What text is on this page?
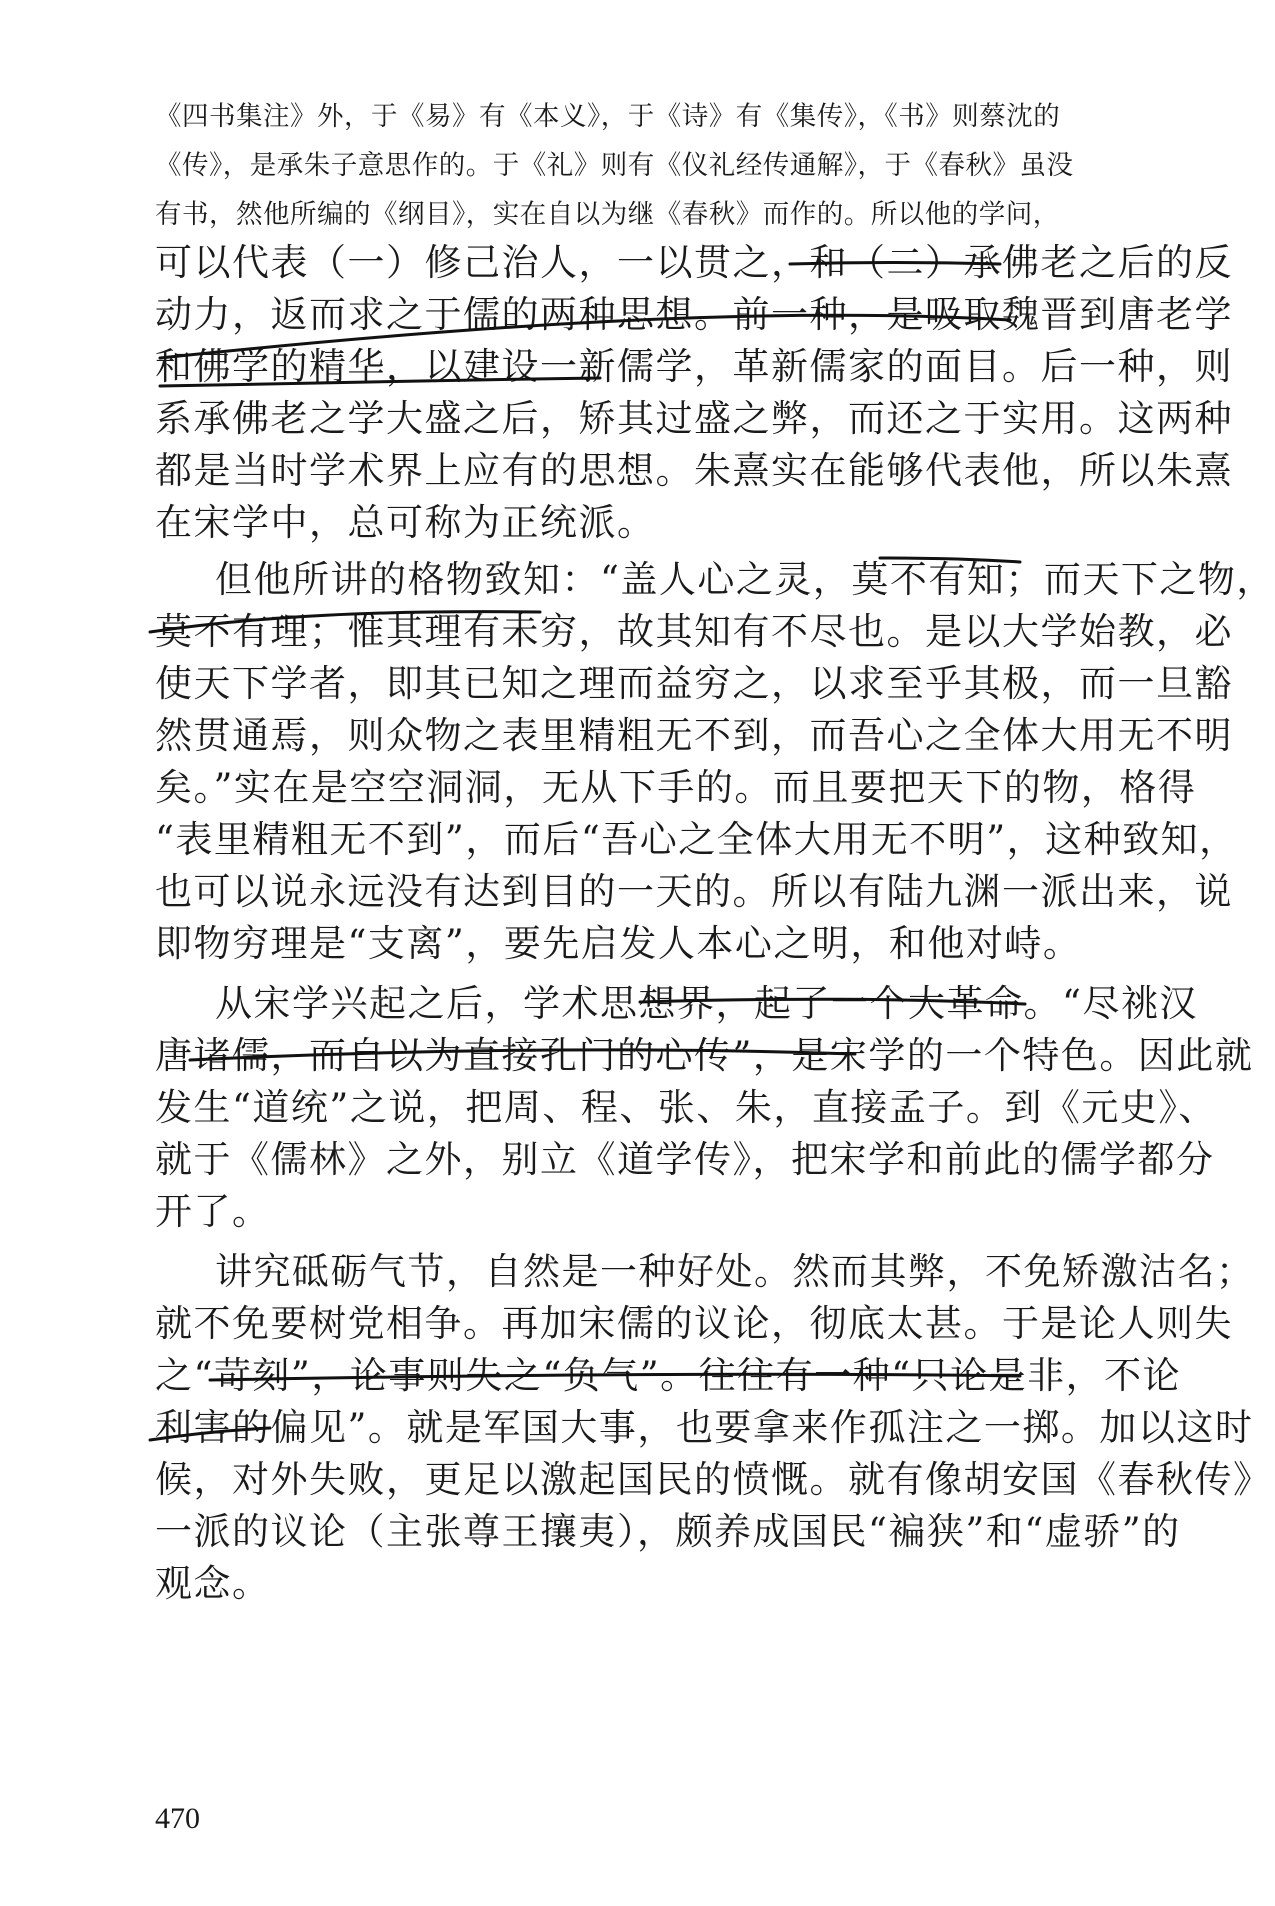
《四书集注》外，于《易》有《本义》，于《诗》有《集传》，《书》则蔡沈的
《传》，是承朱子意思作的。于《礼》则有《仪礼经传通解》，于《春秋》虽没
有书，然他所编的《纲目》，实在自以为继《春秋》而作的。所以他的学问，
可以代表（一）修己治人，一以贯之，和（二）承佛老之后的反
动力，返而求之于儒的两种思想。前一种，是吸取魏晋到唐老学
和佛学的精华，以建设一新儒学，革新儒家的面目。后一种，则
系承佛老之学大盛之后，矫其过盛之弊，而还之于实用。这两种
都是当时学术界上应有的思想。朱熹实在能够代表他，所以朱熹
在宋学中，总可称为正统派。
但他所讲的格物致知：“盖人心之灵，莫不有知；而天下之物，
莫不有理；惟其理有未穷，故其知有不尽也。是以大学始教，必
使天下学者，即其已知之理而益穷之，以求至乎其极，而一旦豁
然贯通焉，则众物之表里精粗无不到，而吾心之全体大用无不明
矣。”实在是空空洞洞，无从下手的。而且要把天下的物，格得
“表里精粗无不到”，而后“吾心之全体大用无不明”，这种致知，
也可以说永远没有达到目的一天的。所以有陆九渊一派出来，说
即物穷理是“支离”，要先启发人本心之明，和他对峙。
从宋学兴起之后，学术思想界，起了一个大革命。“尽祧汉
唐诸儒，而自以为直接孔门的心传”，是宋学的一个特色。因此就
发生“道统”之说，把周、程、张、朱，直接孟子。到《元史》、
就于《儒林》之外，别立《道学传》，把宋学和前此的儒学都分
开了。
讲究砥砺气节，自然是一种好处。然而其弊，不免矫激沽名；
就不免要树党相争。再加宋儒的议论，彻底太甚。于是论人则失
之“苛刻”，论事则失之“负气”。往往有一种“只论是非，不论
利害的偏见”。就是军国大事，也要拿来作孤注之一掷。加以这时
候，对外失败，更足以激起国民的愤慨。就有像胡安国《春秋传》
一派的议论（主张尊王攘夷），颇养成国民“褊狭”和“虚骄”的
观念。
470
